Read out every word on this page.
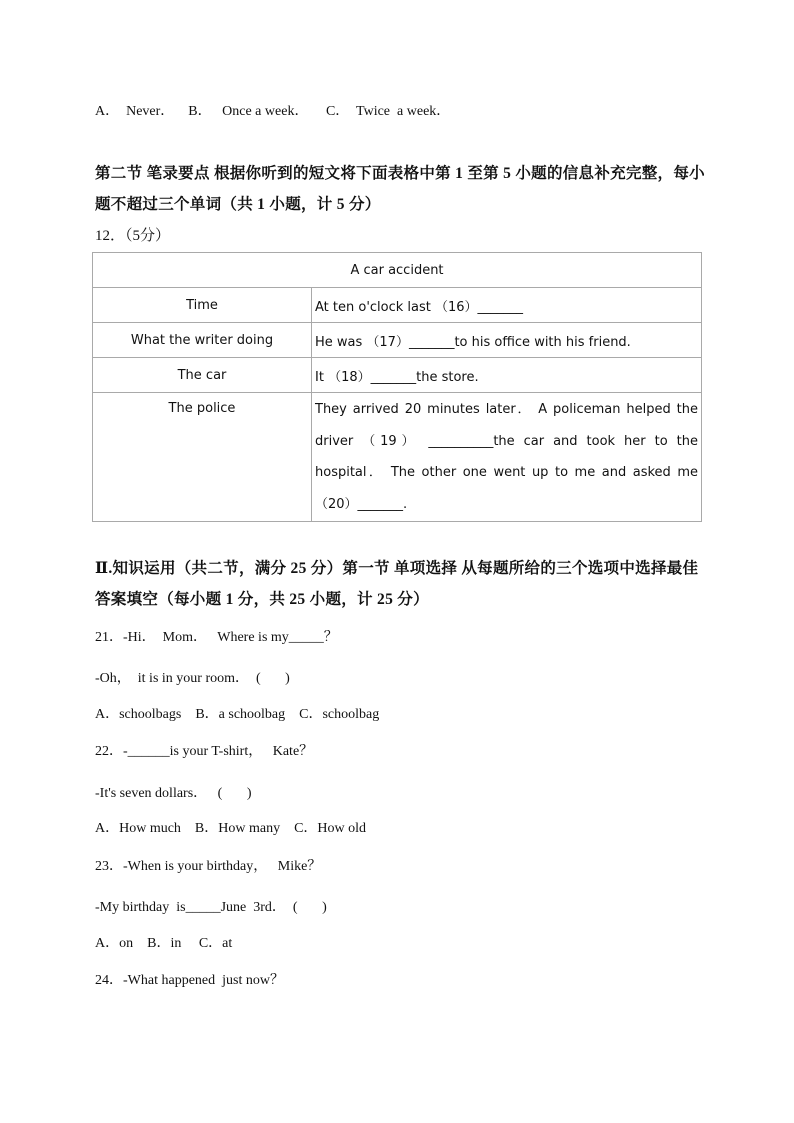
A．  Never．    B．   Once a week．     C．  Twice  a week．
第二节 笔录要点 根据你听到的短文将下面表格中第 1 至第 5 小题的信息补充完整，每小题不超过三个单词（共 1 小题，计 5 分）
12．（5分）
A car accident	
Time	At ten o'clock last （16）_______
What the writer doing	He was （17）_______to his office with his friend.
The car	It （18）_______the store.
The police	They arrived 20 minutes later． A policeman helped the driver （19） __________the car and took her to the hospital． The other one went up to me and asked me （20）_______.
Ⅱ.知识运用（共二节，满分 25 分）第一节 单项选择 从每题所给的三个选项中选择最佳答案填空（每小题 1 分，共 25 小题，计 25 分）
21．-Hi．  Mom．   Where is my_____？
-Oh，  it is in your room．  (       )
A．schoolbags    B．a schoolbag    C．schoolbag
22．-______is your T-shirt，   Kate？
-It's seven dollars．   (       )
A．How much    B．How many    C．How old
23．-When is your birthday，   Mike？
-My birthday  is_____June  3rd．  (       )
A．on    B．in     C．at
24．-What happened  just now？
